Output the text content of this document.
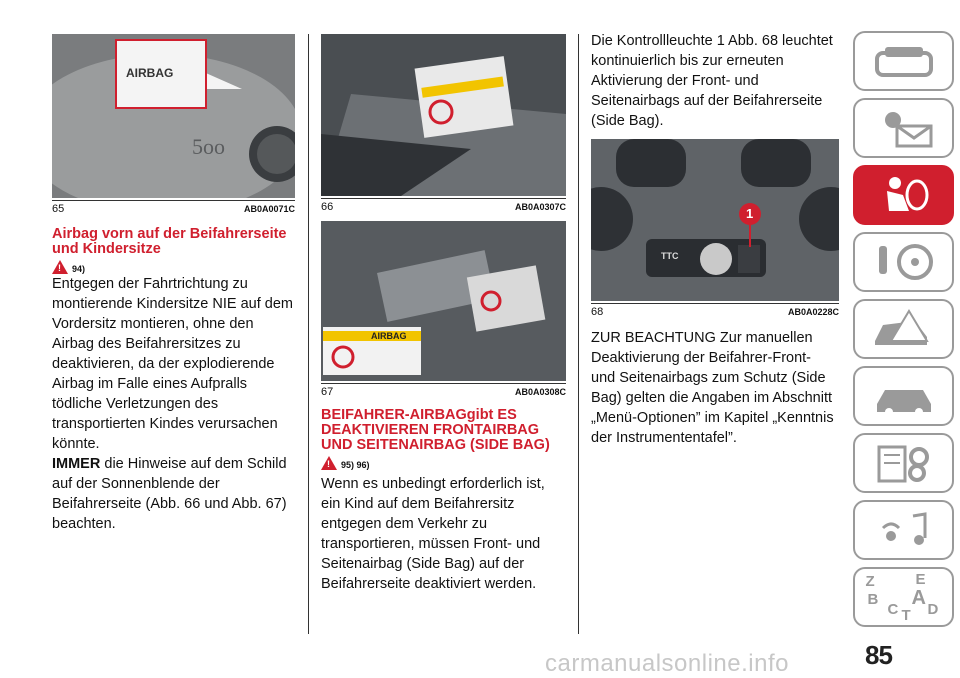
5oo
AIRBAG
65	AB0A0071C
Airbag vorn auf der Beifahrerseite und Kindersitze
! 94)

Entgegen der Fahrtrichtung zu montierende Kindersitze NIE auf dem Vordersitz montieren, ohne den Airbag des Beifahrersitzes zu deaktivieren, da der explodierende Airbag im Falle eines Aufpralls tödliche Verletzungen des transportierten Kindes verursachen könnte.

IMMER die Hinweise auf dem Schild auf der Sonnenblende der Beifahrerseite (Abb. 66 und Abb. 67) beachten.

66	AB0A0307C
AIRBAG
67	AB0A0308C
BEIFAHRER-AIRBAGgibt ES DEAKTIVIEREN FRONTAIRBAG UND SEITENAIRBAG (SIDE BAG)
! 95) 96)

Wenn es unbedingt erforderlich ist, ein Kind auf dem Beifahrersitz entgegen dem Verkehr zu transportieren, müssen Front- und Seitenairbag (Side Bag) auf der Beifahrerseite deaktiviert werden.

Die Kontrollleuchte 1 Abb. 68 leuchtet kontinuierlich bis zur erneuten Aktivierung der Front- und Seitenairbags auf der Beifahrerseite (Side Bag).

1
TTC
68	AB0A0228C

ZUR BEACHTUNG Zur manuellen Deaktivierung der Beifahrer-Front- und Seitenairbags zum Schutz (Side Bag) gelten die Angaben im Abschnitt „Menü-Optionen” im Kapitel „Kenntnis der Instrumententafel”.

Z	E
B A
C D
T
85
carmanualsonline.info
